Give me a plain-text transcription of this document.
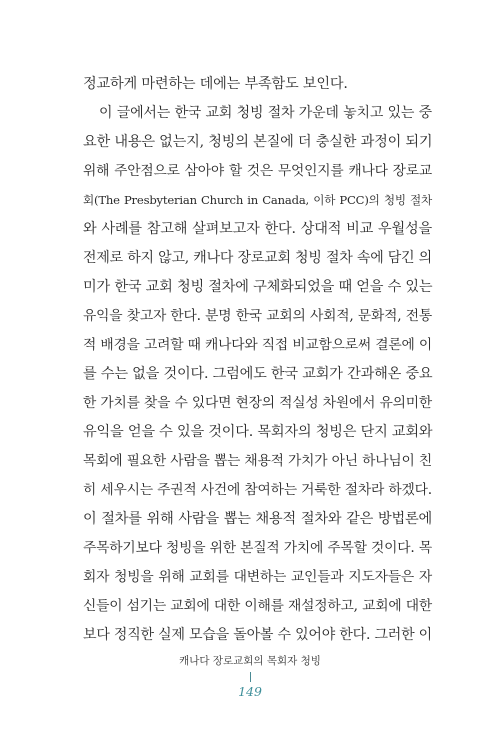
정교하게 마련하는 데에는 부족함도 보인다.
이 글에서는 한국 교회 청빙 절차 가운데 놓치고 있는 중
요한 내용은 없는지, 청빙의 본질에 더 충실한 과정이 되기
위해 주안점으로 삼아야 할 것은 무엇인지를 캐나다 장로교
회(The Presbyterian Church in Canada, 이하 PCC)의 청빙 절차
와 사례를 참고해 살펴보고자 한다. 상대적 비교 우월성을
전제로 하지 않고, 캐나다 장로교회 청빙 절차 속에 담긴 의
미가 한국 교회 청빙 절차에 구체화되었을 때 얻을 수 있는
유익을 찾고자 한다. 분명 한국 교회의 사회적, 문화적, 전통
적 배경을 고려할 때 캐나다와 직접 비교함으로써 결론에 이
를 수는 없을 것이다. 그럼에도 한국 교회가 간과해온 중요
한 가치를 찾을 수 있다면 현장의 적실성 차원에서 유의미한
유익을 얻을 수 있을 것이다. 목회자의 청빙은 단지 교회와
목회에 필요한 사람을 뽑는 채용적 가치가 아닌 하나님이 친
히 세우시는 주권적 사건에 참여하는 거룩한 절차라 하겠다.
이 절차를 위해 사람을 뽑는 채용적 절차와 같은 방법론에
주목하기보다 청빙을 위한 본질적 가치에 주목할 것이다. 목
회자 청빙을 위해 교회를 대변하는 교인들과 지도자들은 자
신들이 섬기는 교회에 대한 이해를 재설정하고, 교회에 대한
보다 정직한 실제 모습을 돌아볼 수 있어야 한다. 그러한 이
캐나다 장로교회의 목회자 청빙
149
